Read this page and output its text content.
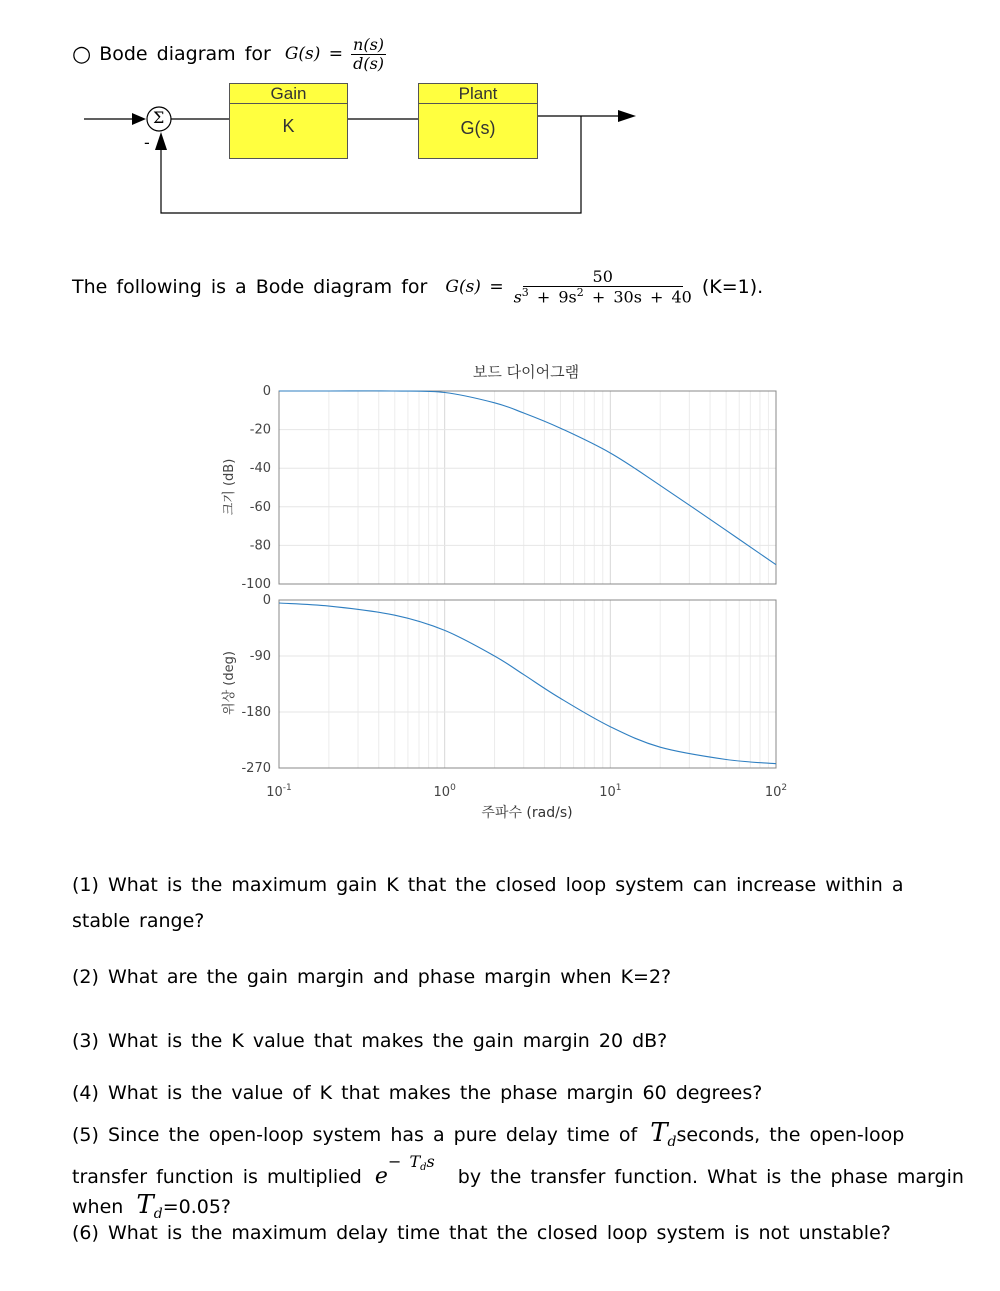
○ Bode diagram for $G(s) = \frac{n(s)}{d(s)}$
Σ
-
Gain
K
Plant
G(s)
The following is a Bode diagram for $G(s) = \frac{50}{s^3 + 9s^2 + 30s + 40} (K=1)$.
보드 다이어그램
0
-20
-40
-60
-80
-100
0
-90
-180
-270
$10^{-1}$	$10^0$	$10^1$	$10^2$
크기 (dB)
위상 (deg)
주파수 (rad/s)
(1) What is the maximum gain K that the closed loop system can increase within a
stable range?
(2) What are the gain margin and phase margin when K=2?
(3) What is the K value that makes the gain margin 20 dB?
(4) What is the value of K that makes the phase margin 60 degrees?
(5) Since the open-loop system has a pure delay time of $T_dseconds$, the open-loop
transfer function is multiplied $e^{- T}_d^s$ by the transfer function. What is the phase margin
when $T_d=0.05$?
(6) What is the maximum delay time that the closed loop system is not unstable?
